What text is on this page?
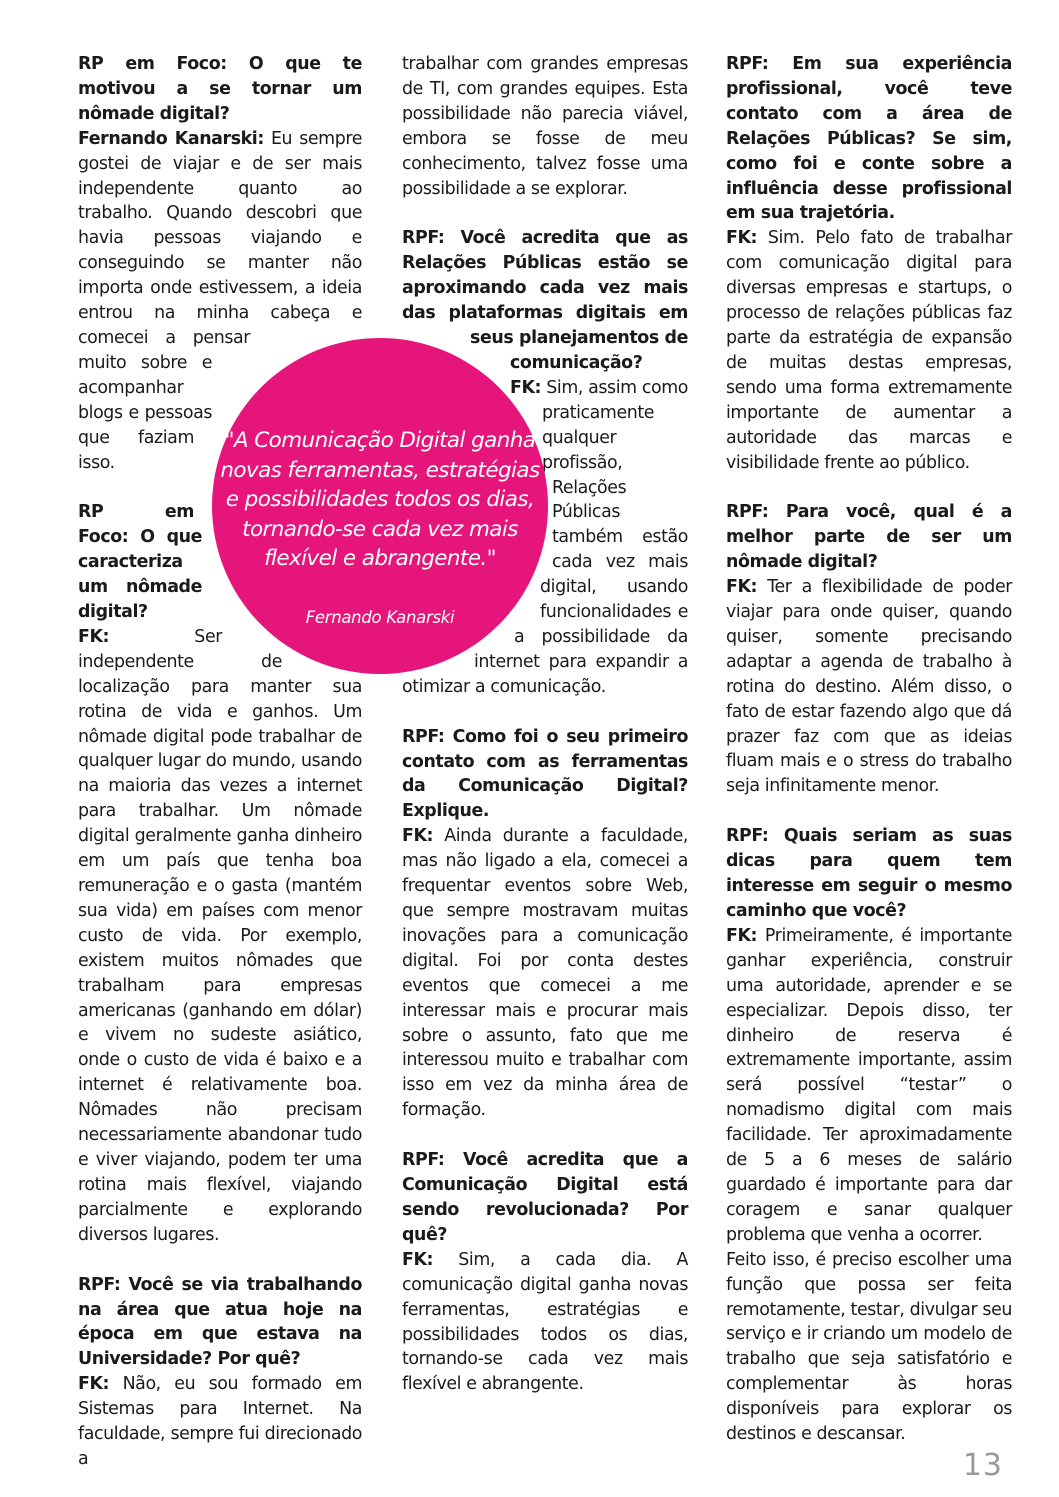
RP em Foco: O que te motivou a se tornar um nômade digital?

Fernando Kanarski: Eu sempre gostei de viajar e de ser mais independente quanto ao trabalho. Quando descobri que havia pessoas viajando e conseguindo se manter não importa onde estivessem, a ideia entrou na minha cabeça e comecei a pensar muito sobre e acompanhar blogs e pessoas que faziam isso.

RP em Foco: O que caracteriza um nômade digital?

FK: Ser independente de localização para manter sua rotina de vida e ganhos. Um nômade digital pode trabalhar de qualquer lugar do mundo, usando na maioria das vezes a internet para trabalhar. Um nômade digital geralmente ganha dinheiro em um país que tenha boa remuneração e o gasta (mantém sua vida) em países com menor custo de vida. Por exemplo, existem muitos nômades que trabalham para empresas americanas (ganhando em dólar) e vivem no sudeste asiático, onde o custo de vida é baixo e a internet é relativamente boa. Nômades não precisam necessariamente abandonar tudo e viver viajando, podem ter uma rotina mais flexível, viajando parcialmente e explorando diversos lugares.

RPF: Você se via trabalhando na área que atua hoje na época em que estava na Universidade? Por quê?

FK: Não, eu sou formado em Sistemas para Internet. Na faculdade, sempre fui direcionado a

trabalhar com grandes empresas de TI, com grandes equipes. Esta possibilidade não parecia viável, embora se fosse de meu conhecimento, talvez fosse uma possibilidade a se explorar.

RPF: Você acredita que as Relações Públicas estão se aproximando cada vez mais das plataformas digitais em seus planejamentos de comunicação?

FK: Sim, assim como praticamente qualquer profissão, Relações Públicas também estão cada vez mais digital, usando funcionalidades e a possibilidade da internet para expandir a otimizar a comunicação.

RPF: Como foi o seu primeiro contato com as ferramentas da Comunicação Digital? Explique.

FK: Ainda durante a faculdade, mas não ligado a ela, comecei a frequentar eventos sobre Web, que sempre mostravam muitas inovações para a comunicação digital. Foi por conta destes eventos que comecei a me interessar mais e procurar mais sobre o assunto, fato que me interessou muito e trabalhar com isso em vez da minha área de formação.

RPF: Você acredita que a Comunicação Digital está sendo revolucionada? Por quê?

FK: Sim, a cada dia. A comunicação digital ganha novas ferramentas, estratégias e possibilidades todos os dias, tornando-se cada vez mais flexível e abrangente.

RPF: Em sua experiência profissional, você teve contato com a área de Relações Públicas? Se sim, como foi e conte sobre a influência desse profissional em sua trajetória.

FK: Sim. Pelo fato de trabalhar com comunicação digital para diversas empresas e startups, o processo de relações públicas faz parte da estratégia de expansão de muitas destas empresas, sendo uma forma extremamente importante de aumentar a autoridade das marcas e visibilidade frente ao público.

RPF: Para você, qual é a melhor parte de ser um nômade digital?

FK: Ter a flexibilidade de poder viajar para onde quiser, quando quiser, somente precisando adaptar a agenda de trabalho à rotina do destino. Além disso, o fato de estar fazendo algo que dá prazer faz com que as ideias fluam mais e o stress do trabalho seja infinitamente menor.

RPF: Quais seriam as suas dicas para quem tem interesse em seguir o mesmo caminho que você?

FK: Primeiramente, é importante ganhar experiência, construir uma autoridade, aprender e se especializar. Depois disso, ter dinheiro de reserva é extremamente importante, assim será possível “testar” o nomadismo digital com mais facilidade. Ter aproximadamente de 5 a 6 meses de salário guardado é importante para dar coragem e sanar qualquer problema que venha a ocorrer.

Feito isso, é preciso escolher uma função que possa ser feita remotamente, testar, divulgar seu serviço e ir criando um modelo de trabalho que seja satisfatório e complementar às horas disponíveis para explorar os destinos e descansar.

"A Comunicação Digital ganha novas ferramentas, estratégias e possibilidades todos os dias, tornando-se cada vez mais flexível e abrangente."
Fernando Kanarski
13
